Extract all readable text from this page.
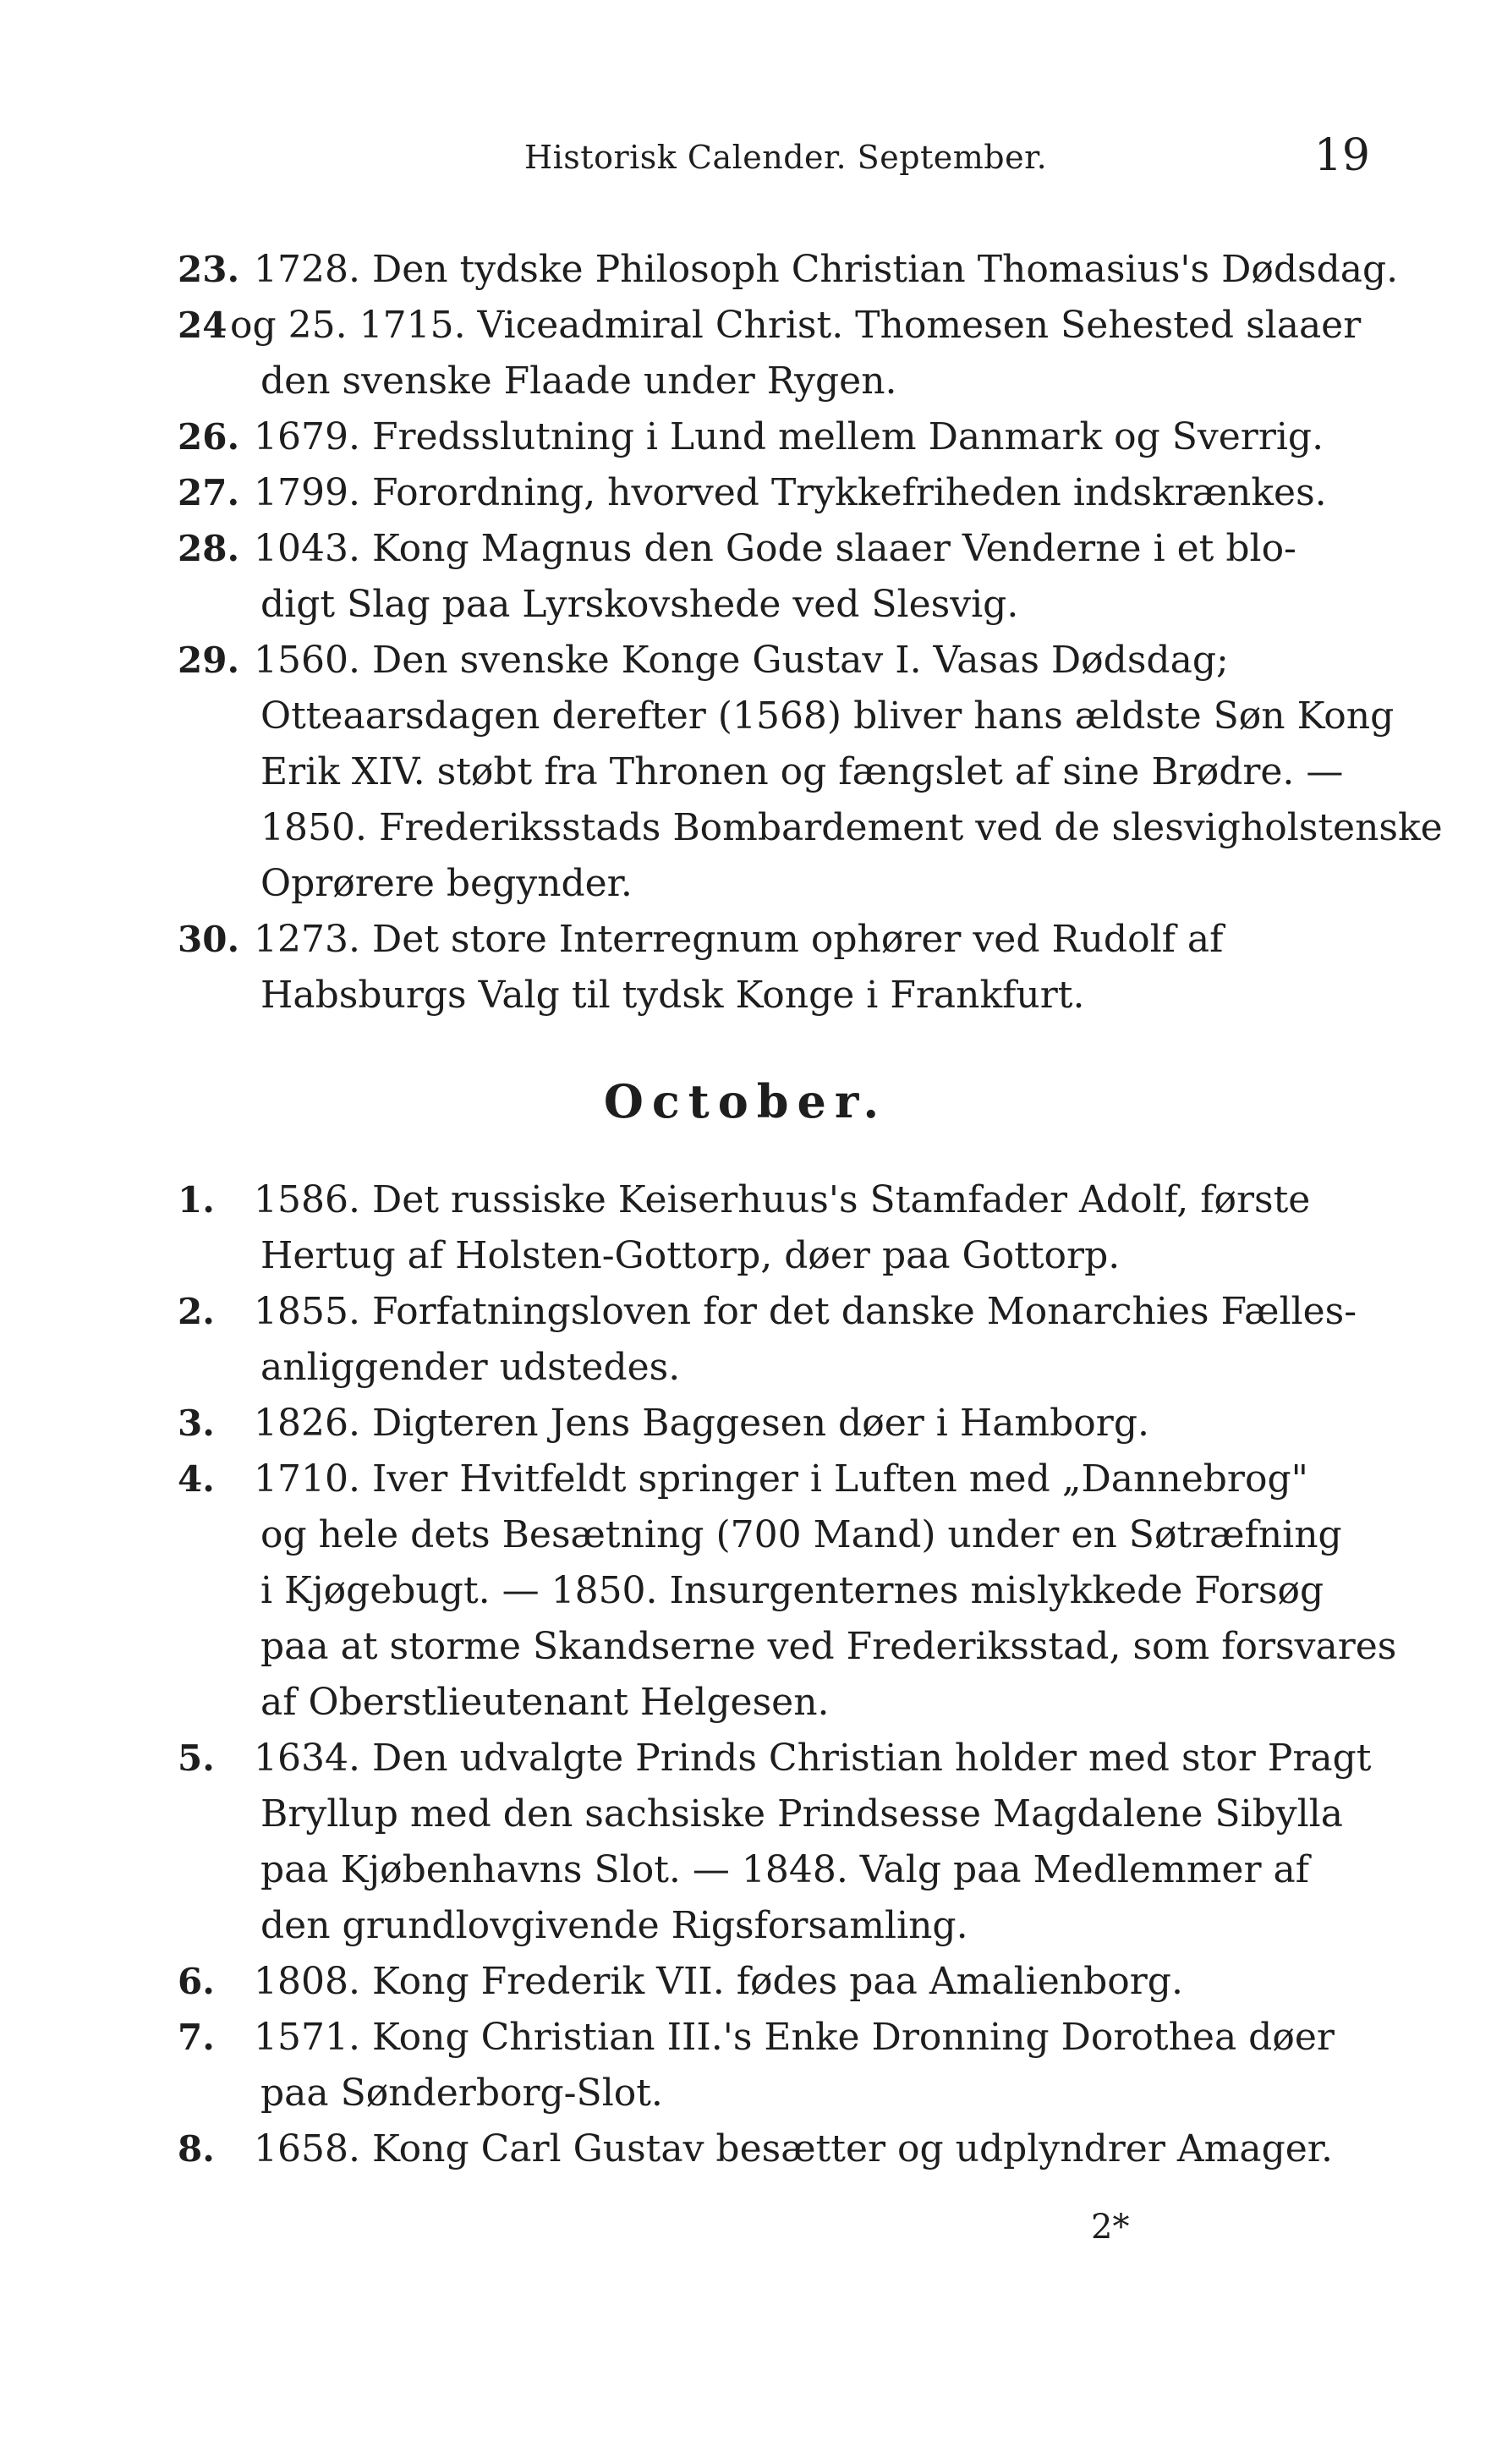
Historisk Calender. September.	19
23. 1728. Den tydske Philosoph Christian Thomasius's Dødsdag.
24 og 25. 1715. Viceadmiral Christ. Thomesen Sehested slaaer
den svenske Flaade under Rygen.
26. 1679. Fredsslutning i Lund mellem Danmark og Sverrig.
27. 1799. Forordning, hvorved Trykkefriheden indskrænkes.
28. 1043. Kong Magnus den Gode slaaer Venderne i et blo-
digt Slag paa Lyrskovshede ved Slesvig.
29. 1560. Den svenske Konge Gustav I. Vasas Dødsdag;
Otteaarsdagen derefter (1568) bliver hans ældste Søn Kong
Erik XIV. støbt fra Thronen og fængslet af sine Brødre. —
1850. Frederiksstads Bombardement ved de slesvigholstenske
Oprørere begynder.
30. 1273. Det store Interregnum ophører ved Rudolf af
Habsburgs Valg til tydsk Konge i Frankfurt.
October.
1.	1586. Det russiske Keiserhuus's Stamfader Adolf, første
Hertug af Holsten-Gottorp, døer paa Gottorp.
2.	1855. Forfatningsloven for det danske Monarchies Fælles-
anliggender udstedes.
3.	1826. Digteren Jens Baggesen døer i Hamborg.
4.	1710. Iver Hvitfeldt springer i Luften med „Dannebrog"
og hele dets Besætning (700 Mand) under en Søtræfning
i Kjøgebugt. — 1850. Insurgenternes mislykkede Forsøg
paa at storme Skandserne ved Frederiksstad, som forsvares
af Oberstlieutenant Helgesen.
5.	1634. Den udvalgte Prinds Christian holder med stor Pragt
Bryllup med den sachsiske Prindsesse Magdalene Sibylla
paa Kjøbenhavns Slot. — 1848. Valg paa Medlemmer af
den grundlovgivende Rigsforsamling.
6.	1808. Kong Frederik VII. fødes paa Amalienborg.
7.	1571. Kong Christian III.'s Enke Dronning Dorothea døer
paa Sønderborg-Slot.
8.	1658. Kong Carl Gustav besætter og udplyndrer Amager.
2*
